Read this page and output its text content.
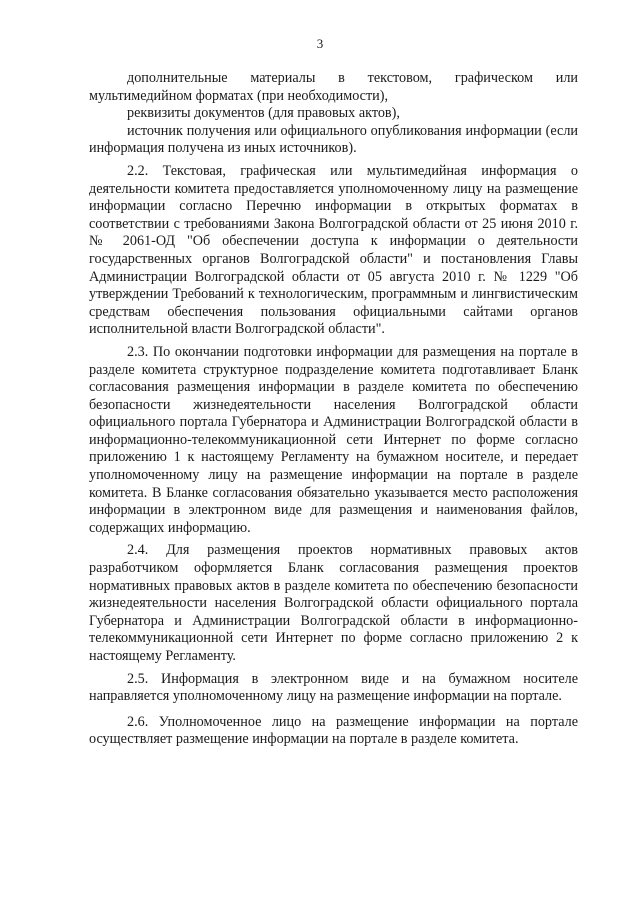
3

дополнительные материалы в текстовом, графическом или мультимедийном форматах (при необходимости),

реквизиты документов (для правовых актов),

источник получения или официального опубликования информации (если информация получена из иных источников).

2.2. Текстовая, графическая или мультимедийная информация о деятельности комитета предоставляется уполномоченному лицу на размещение информации согласно Перечню информации в открытых форматах в соответствии с требованиями Закона Волгоградской области от 25 июня 2010 г. № 2061-ОД "Об обеспечении доступа к информации о деятельности государственных органов Волгоградской области" и постановления Главы Администрации Волгоградской области от 05 августа 2010 г. № 1229 "Об утверждении Требований к технологическим, программным и лингвистическим средствам обеспечения пользования официальными сайтами органов исполнительной власти Волгоградской области".

2.3. По окончании подготовки информации для размещения на портале в разделе комитета структурное подразделение комитета подготавливает Бланк согласования размещения информации в разделе комитета по обеспечению безопасности жизнедеятельности населения Волгоградской области официального портала Губернатора и Администрации Волгоградской области в информационно-телекоммуникационной сети Интернет по форме согласно приложению 1 к настоящему Регламенту на бумажном носителе, и передает уполномоченному лицу на размещение информации на портале в разделе комитета. В Бланке согласования обязательно указывается место расположения информации в электронном виде для размещения и наименования файлов, содержащих информацию.

2.4. Для размещения проектов нормативных правовых актов разработчиком оформляется Бланк согласования размещения проектов нормативных правовых актов в разделе комитета по обеспечению безопасности жизнедеятельности населения Волгоградской области официального портала Губернатора и Администрации Волгоградской области в информационно-телекоммуникационной сети Интернет по форме согласно приложению 2 к настоящему Регламенту.

2.5. Информация в электронном виде и на бумажном носителе направляется уполномоченному лицу на размещение информации на портале.

2.6. Уполномоченное лицо на размещение информации на портале осуществляет размещение информации на портале в разделе комитета.
